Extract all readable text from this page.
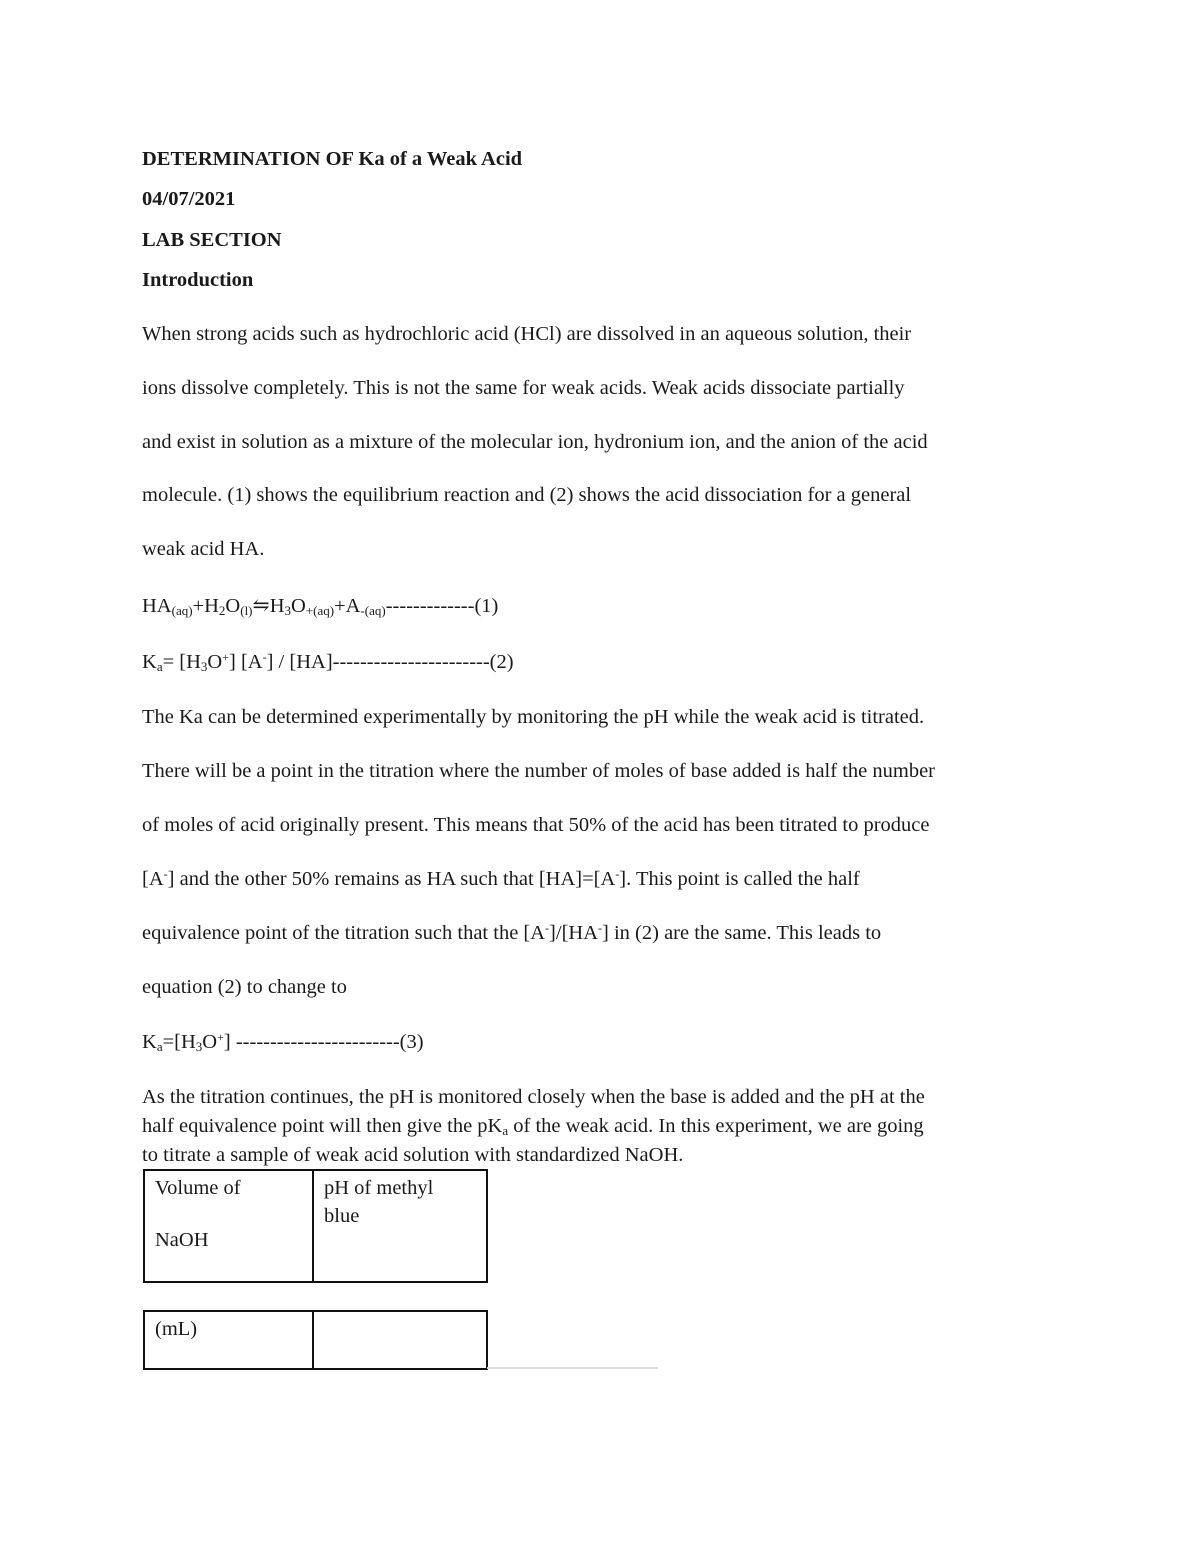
DETERMINATION OF Ka of a Weak Acid
04/07/2021
LAB SECTION
Introduction
When strong acids such as hydrochloric acid (HCl) are dissolved in an aqueous solution, their
ions dissolve completely. This is not the same for weak acids. Weak acids dissociate partially
and exist in solution as a mixture of the molecular ion, hydronium ion, and the anion of the acid
molecule. (1) shows the equilibrium reaction and (2) shows the acid dissociation for a general
weak acid HA.
$HA_{(aq)}+H_2O_{(l)}⇋H_3O_{+(aq)}+A_{-(aq)}-------------(1)$
$K_a= [H_3O^+]$ [A-] / [HA]-----------------------(2)
The Ka can be determined experimentally by monitoring the pH while the weak acid is titrated.
There will be a point in the titration where the number of moles of base added is half the number
of moles of acid originally present. This means that 50% of the acid has been titrated to produce
[A-] and the other 50% remains as HA such that [HA]=[A-]. This point is called the half
equivalence point of the titration such that the [A-]/[HA-] in (2) are the same. This leads to
equation (2) to change to
$K_a=[H_3O^+]$ ------------------------(3)
As the titration continues, the pH is monitored closely when the base is added and the pH at the
half equivalence point will then give the $pK_a$ of the weak acid. In this experiment, we are going
to titrate a sample of weak acid solution with standardized NaOH.
Volume of
NaOH
pH of methyl
blue
(mL)
